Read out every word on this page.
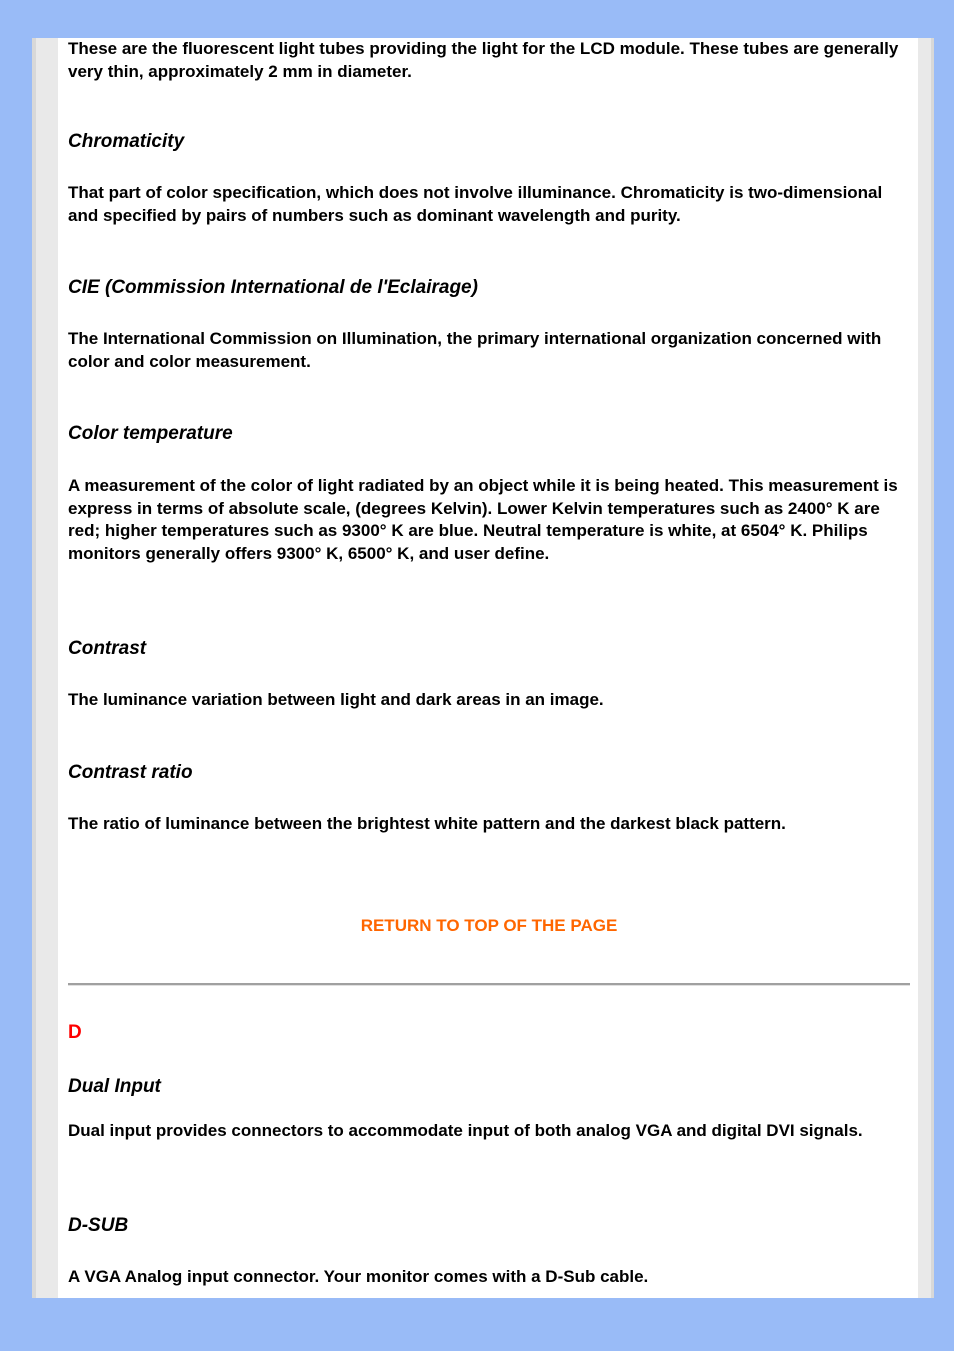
These are the fluorescent light tubes providing the light for the LCD module. These tubes are generally very thin, approximately 2 mm in diameter.

Chromaticity

That part of color specification, which does not involve illuminance. Chromaticity is two-dimensional and specified by pairs of numbers such as dominant wavelength and purity.

CIE (Commission International de l'Eclairage)

The International Commission on Illumination, the primary international organization concerned with color and color measurement.

Color temperature

A measurement of the color of light radiated by an object while it is being heated. This measurement is express in terms of absolute scale, (degrees Kelvin). Lower Kelvin temperatures such as 2400° K are red; higher temperatures such as 9300° K are blue. Neutral temperature is white, at 6504° K. Philips monitors generally offers 9300° K, 6500° K, and user define.

Contrast

The luminance variation between light and dark areas in an image.

Contrast ratio

The ratio of luminance between the brightest white pattern and the darkest black pattern.

RETURN TO TOP OF THE PAGE
D
Dual Input

Dual input provides connectors to accommodate input of both analog VGA and digital DVI signals.

D-SUB

A VGA Analog input connector. Your monitor comes with a D-Sub cable.
